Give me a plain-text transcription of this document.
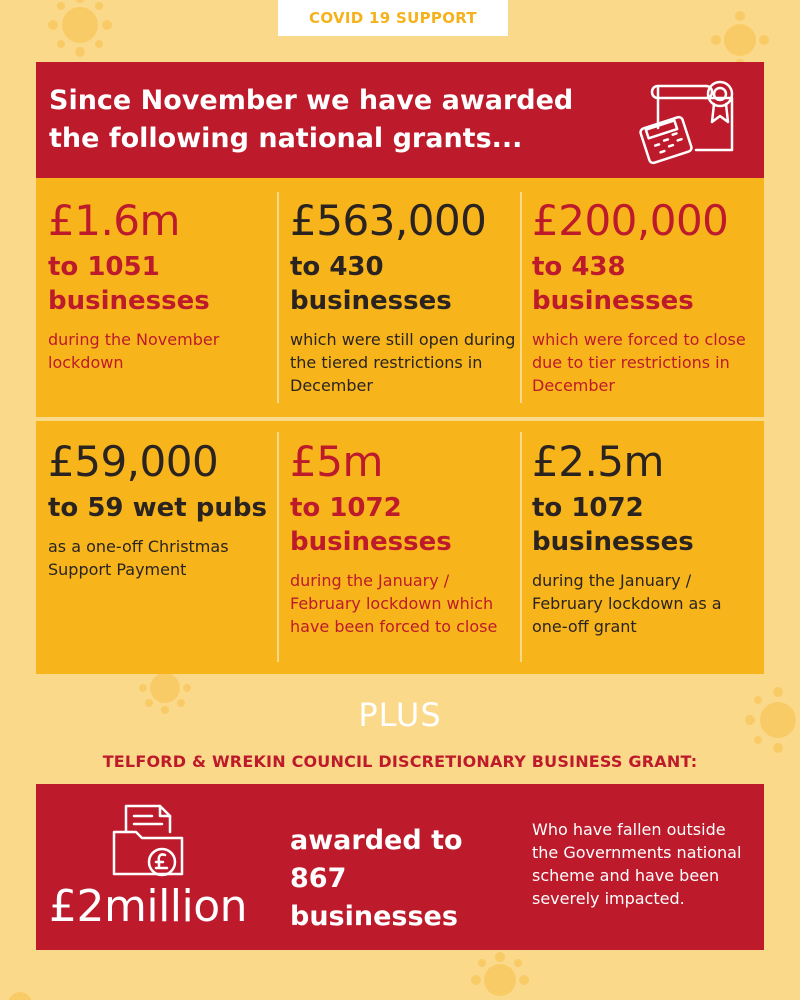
COVID 19 SUPPORT
Since November we have awarded the following national grants...
£1.6m
to 1051 businesses
during the November lockdown
£563,000
to 430 businesses
which were still open during the tiered restrictions in December
£200,000
to 438 businesses
which were forced to close due to tier restrictions in December
£59,000
to 59 wet pubs
as a one-off Christmas Support Payment
£5m
to 1072 businesses
during the January / February lockdown which have been forced to close
£2.5m
to 1072 businesses
during the January / February lockdown as a one-off grant
PLUS
TELFORD & WREKIN COUNCIL DISCRETIONARY BUSINESS GRANT:
£2million
awarded to 867 businesses
Who have fallen outside the Governments national scheme and have been severely impacted.
